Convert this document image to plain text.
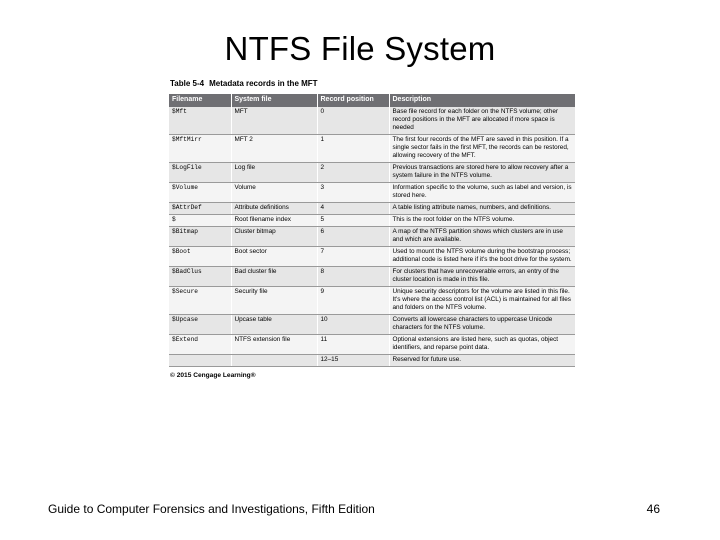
NTFS File System
Table 5-4 Metadata records in the MFT
Filename	System file	Record position	Description
$Mft	MFT	0	Base file record for each folder on the NTFS volume; other record positions in the MFT are allocated if more space is needed
$MftMirr	MFT 2	1	The first four records of the MFT are saved in this position. If a single sector fails in the first MFT, the records can be restored, allowing recovery of the MFT.
$LogFile	Log file	2	Previous transactions are stored here to allow recovery after a system failure in the NTFS volume.
$Volume	Volume	3	Information specific to the volume, such as label and version, is stored here.
$AttrDef	Attribute definitions	4	A table listing attribute names, numbers, and definitions.
$	Root filename index	5	This is the root folder on the NTFS volume.
$Bitmap	Cluster bitmap	6	A map of the NTFS partition shows which clusters are in use and which are available.
$Boot	Boot sector	7	Used to mount the NTFS volume during the bootstrap process; additional code is listed here if it's the boot drive for the system.
$BadClus	Bad cluster file	8	For clusters that have unrecoverable errors, an entry of the cluster location is made in this file.
$Secure	Security file	9	Unique security descriptors for the volume are listed in this file. It's where the access control list (ACL) is maintained for all files and folders on the NTFS volume.
$Upcase	Upcase table	10	Converts all lowercase characters to uppercase Unicode characters for the NTFS volume.
$Extend	NTFS extension file	11	Optional extensions are listed here, such as quotas, object identifiers, and reparse point data.
		12–15	Reserved for future use.
© 2015 Cengage Learning®
Guide to Computer Forensics and Investigations, Fifth Edition	46
